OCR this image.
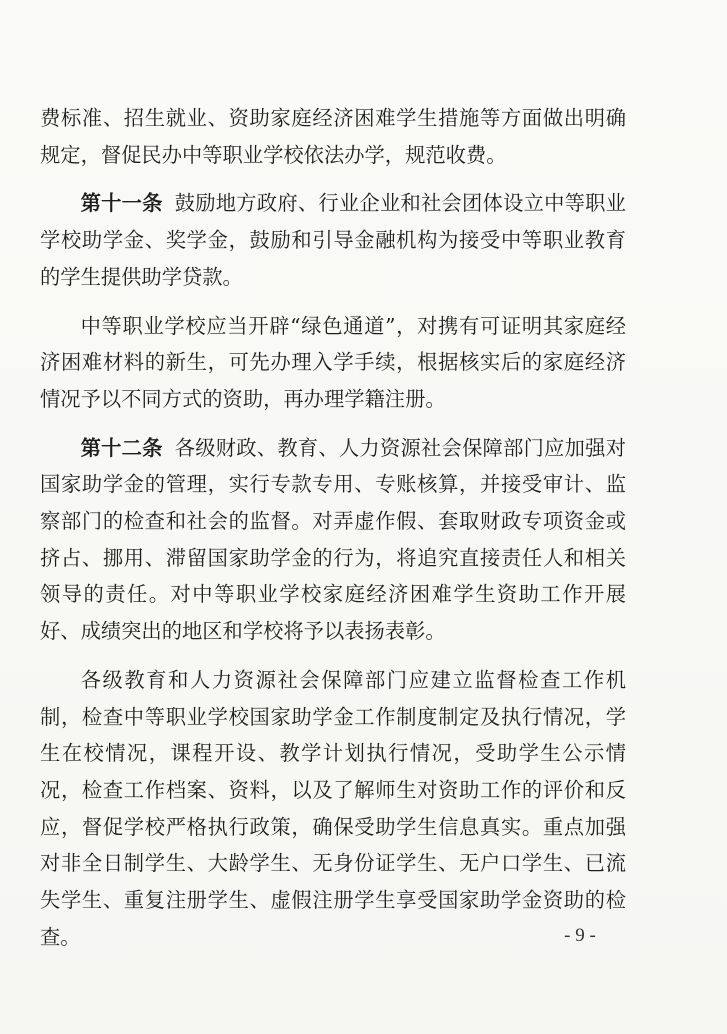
费标准、招生就业、资助家庭经济困难学生措施等方面做出明确规定，督促民办中等职业学校依法办学，规范收费。

第十一条 鼓励地方政府、行业企业和社会团体设立中等职业学校助学金、奖学金，鼓励和引导金融机构为接受中等职业教育的学生提供助学贷款。

中等职业学校应当开辟“绿色通道”，对携有可证明其家庭经济困难材料的新生，可先办理入学手续，根据核实后的家庭经济情况予以不同方式的资助，再办理学籍注册。

第十二条 各级财政、教育、人力资源社会保障部门应加强对国家助学金的管理，实行专款专用、专账核算，并接受审计、监察部门的检查和社会的监督。对弄虚作假、套取财政专项资金或挤占、挪用、滞留国家助学金的行为，将追究直接责任人和相关领导的责任。对中等职业学校家庭经济困难学生资助工作开展好、成绩突出的地区和学校将予以表扬表彰。

各级教育和人力资源社会保障部门应建立监督检查工作机制，检查中等职业学校国家助学金工作制度制定及执行情况，学生在校情况，课程开设、教学计划执行情况，受助学生公示情况，检查工作档案、资料，以及了解师生对资助工作的评价和反应，督促学校严格执行政策，确保受助学生信息真实。重点加强对非全日制学生、大龄学生、无身份证学生、无户口学生、已流失学生、重复注册学生、虚假注册学生享受国家助学金资助的检查。	- 9 -
